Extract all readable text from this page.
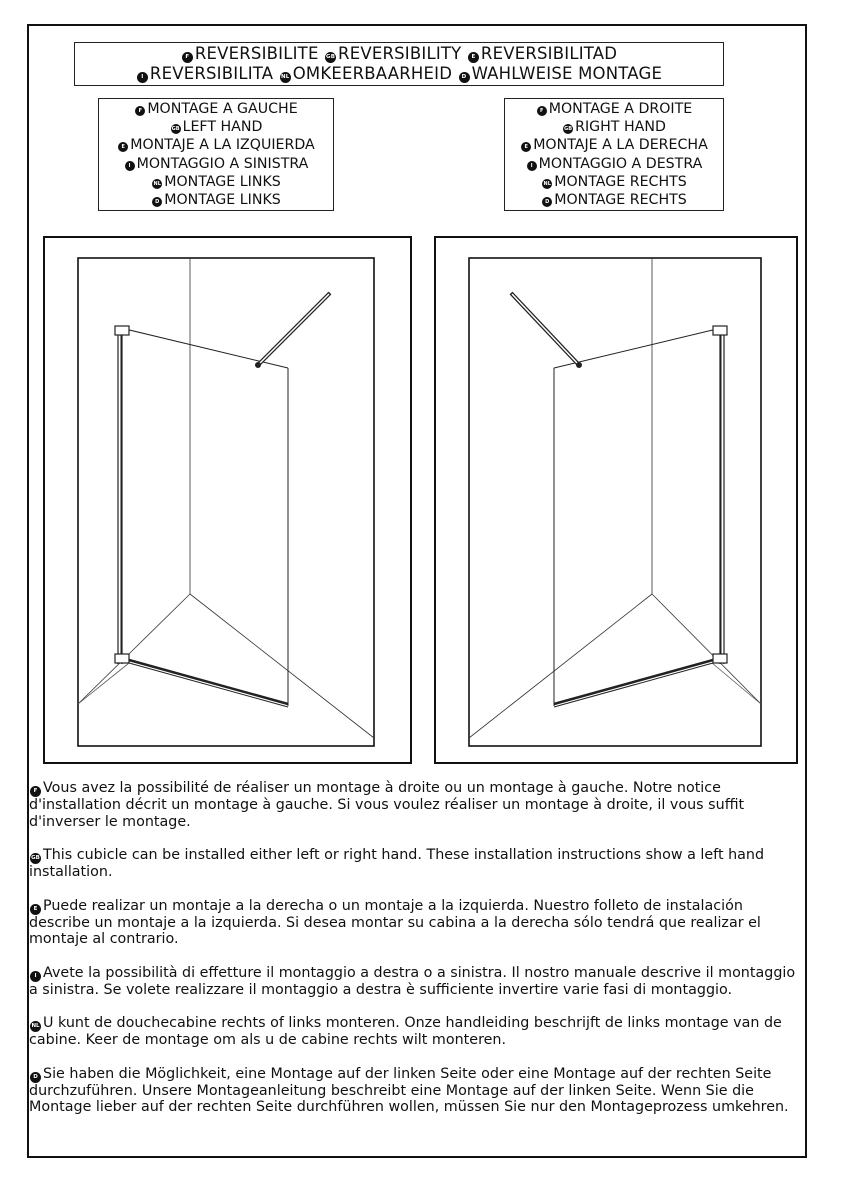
F REVERSIBILITE GB REVERSIBILITY E REVERSIBILITAD
I REVERSIBILITA NL OMKEERBAARHEID D WAHLWEISE MONTAGE
F MONTAGE A GAUCHE
GB LEFT HAND
E MONTAJE A LA IZQUIERDA
I MONTAGGIO A SINISTRA
NL MONTAGE LINKS
D MONTAGE LINKS
F MONTAGE A DROITE
GB RIGHT HAND
E MONTAJE A LA DERECHA
I MONTAGGIO A DESTRA
NL MONTAGE RECHTS
D MONTAGE RECHTS

F Vous avez la possibilité de réaliser un montage à droite ou un montage à gauche. Notre notice d'installation décrit un montage à gauche. Si vous voulez réaliser un montage à droite, il vous suffit d'inverser le montage.

GB This cubicle can be installed either left or right hand. These installation instructions show a left hand installation.

E Puede realizar un montaje a la derecha o un montaje a la izquierda. Nuestro folleto de instalación describe un montaje a la izquierda. Si desea montar su cabina a la derecha sólo tendrá que realizar el montaje al contrario.

I Avete la possibilità di effetture il montaggio a destra o a sinistra. Il nostro manuale descrive il montaggio a sinistra. Se volete realizzare il montaggio a destra è sufficiente invertire varie fasi di montaggio.

NL U kunt de douchecabine rechts of links monteren. Onze handleiding beschrijft de links montage van de cabine. Keer de montage om als u de cabine rechts wilt monteren.

D Sie haben die Möglichkeit, eine Montage auf der linken Seite oder eine Montage auf der rechten Seite durchzuführen. Unsere Montageanleitung beschreibt eine Montage auf der linken Seite. Wenn Sie die Montage lieber auf der rechten Seite durchführen wollen, müssen Sie nur den Montageprozess umkehren.
